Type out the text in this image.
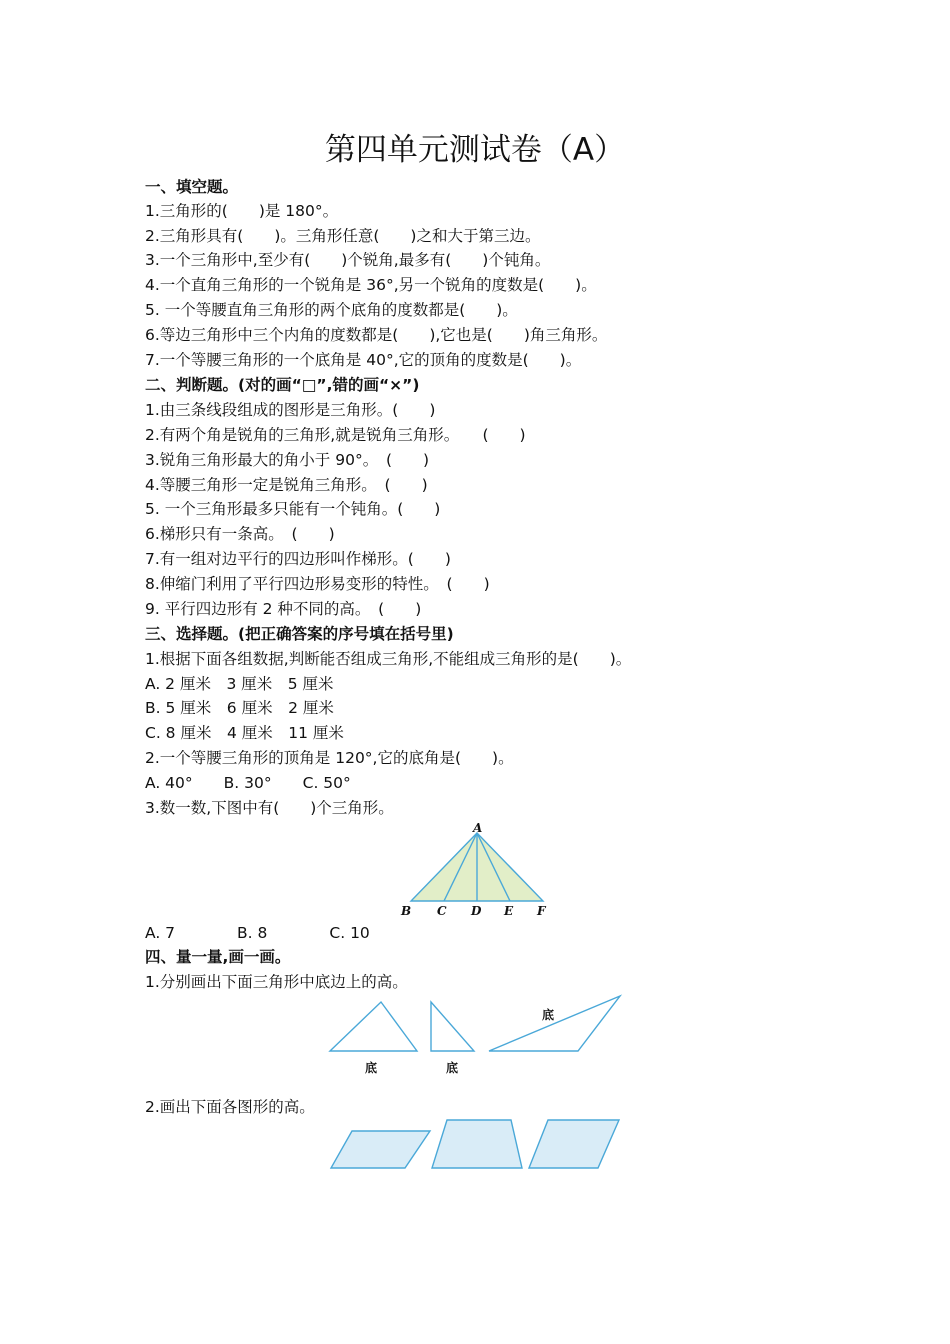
第四单元测试卷（A）
一、填空题。
1.三角形的(　　)是 180°。
2.三角形具有(　　)。三角形任意(　　)之和大于第三边。
3.一个三角形中,至少有(　　)个锐角,最多有(　　)个钝角。
4.一个直角三角形的一个锐角是 36°,另一个锐角的度数是(　　)。
5. 一个等腰直角三角形的两个底角的度数都是(　　)。
6.等边三角形中三个内角的度数都是(　　),它也是(　　)角三角形。
7.一个等腰三角形的一个底角是 40°,它的顶角的度数是(　　)。
二、判断题。(对的画“□”,错的画“×”)
1.由三条线段组成的图形是三角形。(　　)
2.有两个角是锐角的三角形,就是锐角三角形。　　(　　)
3.锐角三角形最大的角小于 90°。　(　　)
4.等腰三角形一定是锐角三角形。　(　　)
5. 一个三角形最多只能有一个钝角。(　　)
6.梯形只有一条高。　(　　)
7.有一组对边平行的四边形叫作梯形。(　　)
8.伸缩门利用了平行四边形易变形的特性。　(　　)
9. 平行四边形有 2 种不同的高。　(　　)
三、选择题。(把正确答案的序号填在括号里)
1.根据下面各组数据,判断能否组成三角形,不能组成三角形的是(　　)。
A. 2 厘米　3 厘米　5 厘米
B. 5 厘米　6 厘米　2 厘米
C. 8 厘米　4 厘米　11 厘米
2.一个等腰三角形的顶角是 120°,它的底角是(　　)。
A. 40°　　B. 30°　　C. 50°
3.数一数,下图中有(　　)个三角形。
A
B C D E F
A. 7　　　　B. 8　　　　C. 10
四、量一量,画一画。
1.分别画出下面三角形中底边上的高。
底	底
底
2.画出下面各图形的高。
